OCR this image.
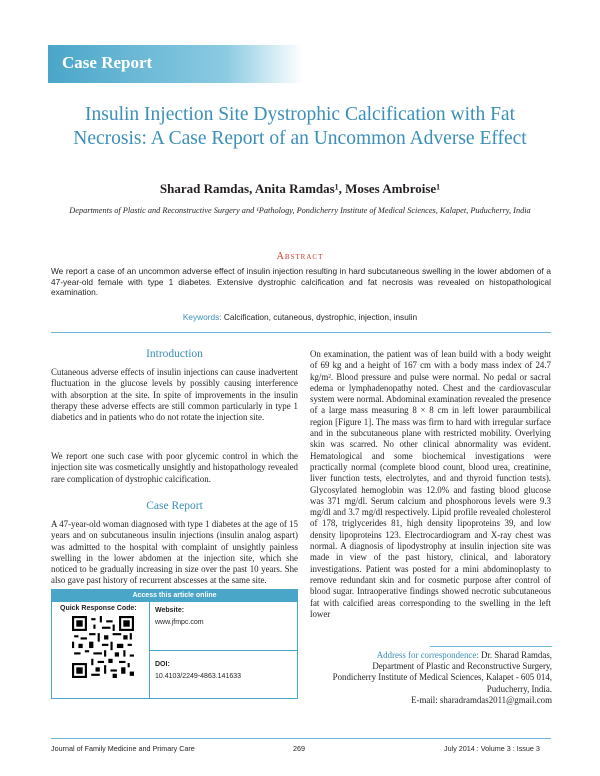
Case Report
Insulin Injection Site Dystrophic Calcification with Fat Necrosis: A Case Report of an Uncommon Adverse Effect
Sharad Ramdas, Anita Ramdas¹, Moses Ambroise¹
Departments of Plastic and Reconstructive Surgery and ¹Pathology, Pondicherry Institute of Medical Sciences, Kalapet, Puducherry, India
Abstract
We report a case of an uncommon adverse effect of insulin injection resulting in hard subcutaneous swelling in the lower abdomen of a 47-year-old female with type 1 diabetes. Extensive dystrophic calcification and fat necrosis was revealed on histopathological examination.
Keywords: Calcification, cutaneous, dystrophic, injection, insulin
Introduction

Cutaneous adverse effects of insulin injections can cause inadvertent fluctuation in the glucose levels by possibly causing interference with absorption at the site. In spite of improvements in the insulin therapy these adverse effects are still common particularly in type 1 diabetics and in patients who do not rotate the injection site.

We report one such case with poor glycemic control in which the injection site was cosmetically unsightly and histopathology revealed rare complication of dystrophic calcification.

Case Report

A 47-year-old woman diagnosed with type 1 diabetes at the age of 15 years and on subcutaneous insulin injections (insulin analog aspart) was admitted to the hospital with complaint of unsightly painless swelling in the lower abdomen at the injection site, which she noticed to be gradually increasing in size over the past 10 years. She also gave past history of recurrent abscesses at the same site.

Access this article online
Quick Response Code:	Website:
www.jfmpc.com
DOI:
10.4103/2249-4863.141633

On examination, the patient was of lean build with a body weight of 69 kg and a height of 167 cm with a body mass index of 24.7 kg/m². Blood pressure and pulse were normal. No pedal or sacral edema or lymphadenopathy noted. Chest and the cardiovascular system were normal. Abdominal examination revealed the presence of a large mass measuring 8 × 8 cm in left lower paraumbilical region [Figure 1]. The mass was firm to hard with irregular surface and in the subcutaneous plane with restricted mobility. Overlying skin was scarred. No other clinical abnormality was evident. Hematological and some biochemical investigations were practically normal (complete blood count, blood urea, creatinine, liver function tests, electrolytes, and and thyroid function tests). Glycosylated hemoglobin was 12.0% and fasting blood glucose was 371 mg/dl. Serum calcium and phosphorous levels were 9.3 mg/dl and 3.7 mg/dl respectively. Lipid profile revealed cholesterol of 178, triglycerides 81, high density lipoproteins 39, and low density lipoproteins 123. Electrocardiogram and X-ray chest was normal. A diagnosis of lipodystrophy at insulin injection site was made in view of the past history, clinical, and laboratory investigations. Patient was posted for a mini abdominoplasty to remove redundant skin and for cosmetic purpose after control of blood sugar. Intraoperative findings showed necrotic subcutaneous fat with calcified areas corresponding to the swelling in the left lower

Address for correspondence: Dr. Sharad Ramdas,
Department of Plastic and Reconstructive Surgery,
Pondicherry Institute of Medical Sciences, Kalapet - 605 014,
Puducherry, India.
E-mail: sharadramdas2011@gmail.com
Journal of Family Medicine and Primary Care	269	July 2014 : Volume 3 : Issue 3
